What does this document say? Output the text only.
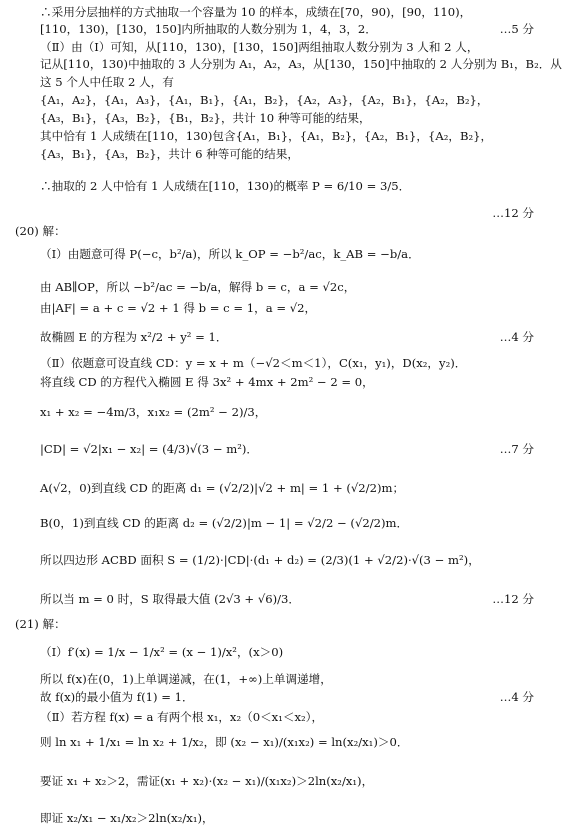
∴采用分层抽样的方式抽取一个容量为 10 的样本，成绩在[70，90)，[90，110)，
[110，130)，[130，150]内所抽取的人数分别为 1，4，3，2．
（Ⅱ）由（Ⅰ）可知，从[110，130)，[130，150]两组抽取人数分别为 3 人和 2 人，
记从[110，130)中抽取的 3 人分别为 A₁，A₂，A₃，从[130，150]中抽取的 2 人分别为 B₁，B₂．从
这 5 个人中任取 2 人，有
{A₁，A₂}，{A₁，A₃}，{A₁，B₁}，{A₁，B₂}，{A₂，A₃}，{A₂，B₁}，{A₂，B₂}，
{A₃，B₁}，{A₃，B₂}，{B₁，B₂}，共计 10 种等可能的结果，
其中恰有 1 人成绩在[110，130)包含{A₁，B₁}，{A₁，B₂}，{A₂，B₁}，{A₂，B₂}，
{A₃，B₁}，{A₃，B₂}，共计 6 种等可能的结果，
∴抽取的 2 人中恰有 1 人成绩在[110，130)的概率 P = 6/10 = 3/5．
(20) 解：
（Ⅰ）由题意可得 P(−c，b²/a)，所以 k_OP = −b²/ac，k_AB = −b/a．
由 AB∥OP，所以 −b²/ac = −b/a，解得 b = c，a = √2c，
由|AF| = a + c = √2 + 1 得 b = c = 1，a = √2，
故椭圆 E 的方程为 x²/2 + y² = 1．
（Ⅱ）依题意可设直线 CD：y = x + m（−√2＜m＜1），C(x₁，y₁)，D(x₂，y₂)．
将直线 CD 的方程代入椭圆 E 得 3x² + 4mx + 2m² − 2 = 0，
x₁ + x₂ = −4m/3，x₁x₂ = (2m² − 2)/3，
|CD| = √2|x₁ − x₂| = (4/3)√(3 − m²)．
A(√2，0)到直线 CD 的距离 d₁ = (√2/2)|√2 + m| = 1 + (√2/2)m；
B(0，1)到直线 CD 的距离 d₂ = (√2/2)|m − 1| = √2/2 − (√2/2)m．
所以四边形 ACBD 面积 S = (1/2)·|CD|·(d₁ + d₂) = (2/3)(1 + √2/2)·√(3 − m²)，
所以当 m = 0 时，S 取得最大值 (2√3 + √6)/3．
(21) 解：
（Ⅰ）f′(x) = 1/x − 1/x² = (x − 1)/x²，(x＞0)
所以 f(x)在(0，1)上单调递减，在(1，+∞)上单调递增，
故 f(x)的最小值为 f(1) = 1．
（Ⅱ）若方程 f(x) = a 有两个根 x₁，x₂（0＜x₁＜x₂），
则 ln x₁ + 1/x₁ = ln x₂ + 1/x₂，即 (x₂ − x₁)/(x₁x₂) = ln(x₂/x₁)＞0．
要证 x₁ + x₂＞2，需证(x₁ + x₂)·(x₂ − x₁)/(x₁x₂)＞2ln(x₂/x₁)，
即证 x₂/x₁ − x₁/x₂＞2ln(x₂/x₁)，
…5 分
…12 分
…4 分
…7 分
…12 分
…4 分
